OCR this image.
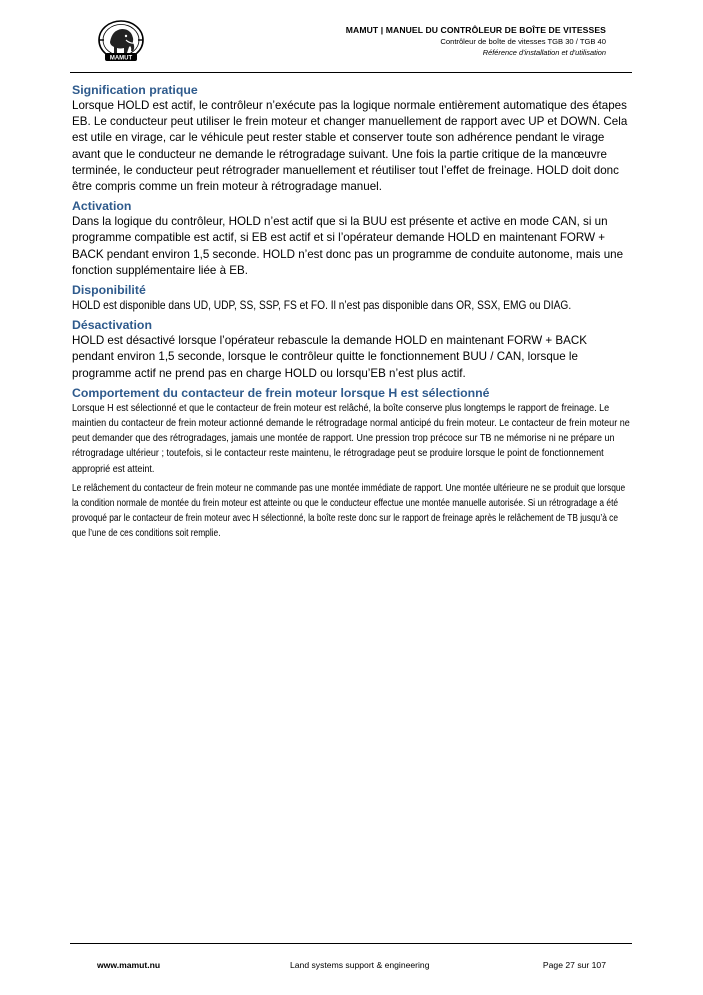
MAMUT
MAMUT | MANUEL DU CONTRÔLEUR DE BOÎTE DE VITESSES
Contrôleur de boîte de vitesses TGB 30 / TGB 40
Référence d'installation et d'utilisation
Signification pratique

Lorsque HOLD est actif, le contrôleur n’exécute pas la logique normale entièrement automatique des étapes EB. Le conducteur peut utiliser le frein moteur et changer manuellement de rapport avec UP et DOWN. Cela est utile en virage, car le véhicule peut rester stable et conserver toute son adhérence pendant le virage avant que le conducteur ne demande le rétrogradage suivant. Une fois la partie critique de la manœuvre terminée, le conducteur peut rétrograder manuellement et réutiliser tout l’effet de freinage. HOLD doit donc être compris comme un frein moteur à rétrogradage manuel.

Activation

Dans la logique du contrôleur, HOLD n’est actif que si la BUU est présente et active en mode CAN, si un programme compatible est actif, si EB est actif et si l’opérateur demande HOLD en maintenant FORW + BACK pendant environ 1,5 seconde. HOLD n’est donc pas un programme de conduite autonome, mais une fonction supplémentaire liée à EB.

Disponibilité

HOLD est disponible dans UD, UDP, SS, SSP, FS et FO. Il n’est pas disponible dans OR, SSX, EMG ou DIAG.

Désactivation

HOLD est désactivé lorsque l’opérateur rebascule la demande HOLD en maintenant FORW + BACK pendant environ 1,5 seconde, lorsque le contrôleur quitte le fonctionnement BUU / CAN, lorsque le programme actif ne prend pas en charge HOLD ou lorsqu’EB n’est plus actif.

Comportement du contacteur de frein moteur lorsque H est sélectionné

Lorsque H est sélectionné et que le contacteur de frein moteur est relâché, la boîte conserve plus longtemps le rapport de freinage. Le maintien du contacteur de frein moteur actionné demande le rétrogradage normal anticipé du frein moteur. Le contacteur de frein moteur ne peut demander que des rétrogradages, jamais une montée de rapport. Une pression trop précoce sur TB ne mémorise ni ne prépare un rétrogradage ultérieur ; toutefois, si le contacteur reste maintenu, le rétrogradage peut se produire lorsque le point de fonctionnement approprié est atteint.

Le relâchement du contacteur de frein moteur ne commande pas une montée immédiate de rapport. Une montée ultérieure ne se produit que lorsque la condition normale de montée du frein moteur est atteinte ou que le conducteur effectue une montée manuelle autorisée. Si un rétrogradage a été provoqué par le contacteur de frein moteur avec H sélectionné, la boîte reste donc sur le rapport de freinage après le relâchement de TB jusqu’à ce que l’une de ces conditions soit remplie.

www.mamut.nu	Land systems support & engineering	Page 27 sur 107
